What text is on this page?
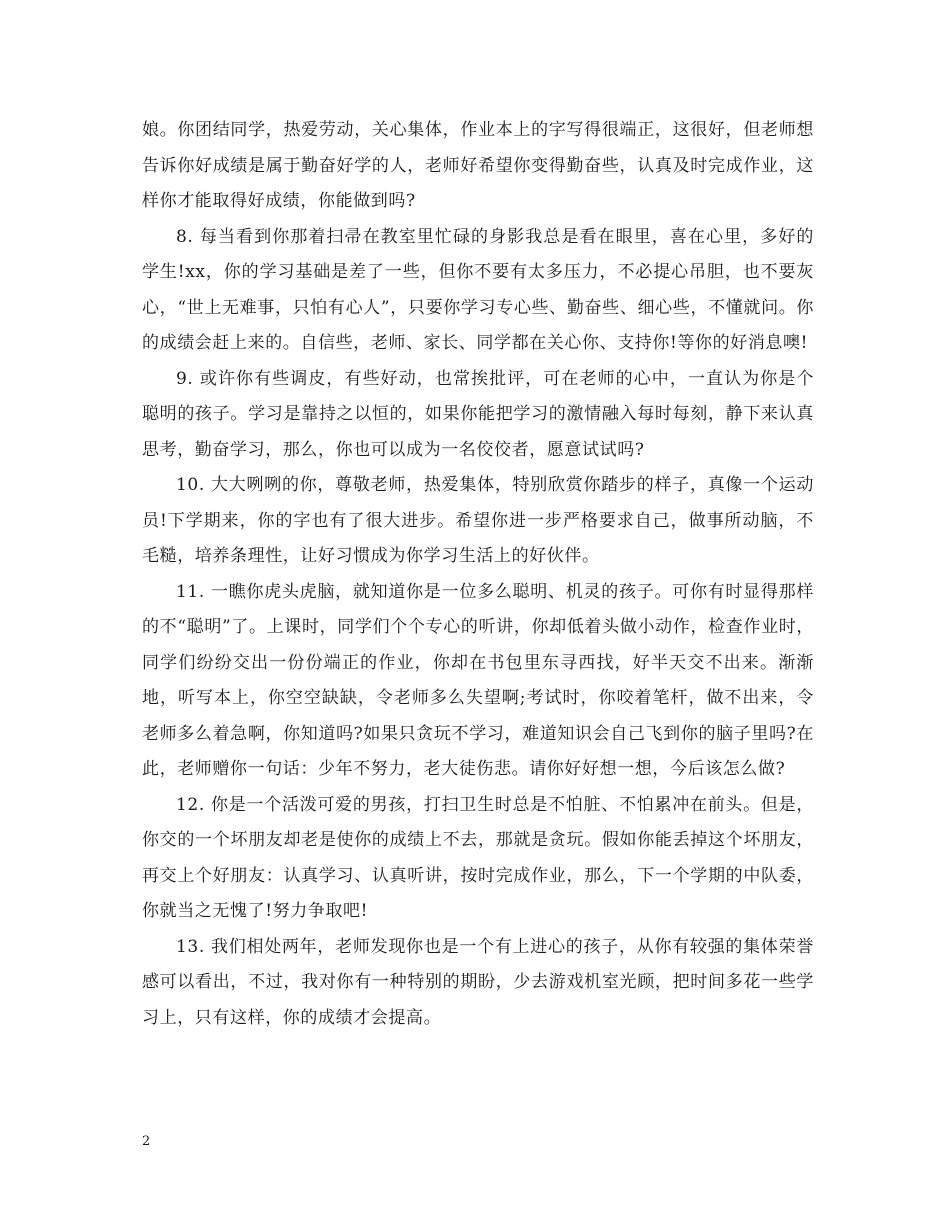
娘。你团结同学，热爱劳动，关心集体，作业本上的字写得很端正，这很好，但老师想告诉你好成绩是属于勤奋好学的人，老师好希望你变得勤奋些，认真及时完成作业，这样你才能取得好成绩，你能做到吗?

8. 每当看到你那着扫帚在教室里忙碌的身影我总是看在眼里，喜在心里，多好的学生!xx，你的学习基础是差了一些，但你不要有太多压力，不必提心吊胆，也不要灰心，“世上无难事，只怕有心人”，只要你学习专心些、勤奋些、细心些，不懂就问。你的成绩会赶上来的。自信些，老师、家长、同学都在关心你、支持你!等你的好消息噢!

9. 或许你有些调皮，有些好动，也常挨批评，可在老师的心中，一直认为你是个聪明的孩子。学习是靠持之以恒的，如果你能把学习的激情融入每时每刻，静下来认真思考，勤奋学习，那么，你也可以成为一名佼佼者，愿意试试吗?

10. 大大咧咧的你，尊敬老师，热爱集体，特别欣赏你踏步的样子，真像一个运动员!下学期来，你的字也有了很大进步。希望你进一步严格要求自己，做事所动脑，不毛糙，培养条理性，让好习惯成为你学习生活上的好伙伴。

11. 一瞧你虎头虎脑，就知道你是一位多么聪明、机灵的孩子。可你有时显得那样的不“聪明”了。上课时，同学们个个专心的听讲，你却低着头做小动作，检查作业时，同学们纷纷交出一份份端正的作业，你却在书包里东寻西找，好半天交不出来。渐渐地，听写本上，你空空缺缺，令老师多么失望啊;考试时，你咬着笔杆，做不出来，令老师多么着急啊，你知道吗?如果只贪玩不学习，难道知识会自己飞到你的脑子里吗?在此，老师赠你一句话：少年不努力，老大徒伤悲。请你好好想一想，今后该怎么做?

12. 你是一个活泼可爱的男孩，打扫卫生时总是不怕脏、不怕累冲在前头。但是，你交的一个坏朋友却老是使你的成绩上不去，那就是贪玩。假如你能丢掉这个坏朋友，再交上个好朋友：认真学习、认真听讲，按时完成作业，那么，下一个学期的中队委，你就当之无愧了!努力争取吧!

13. 我们相处两年，老师发现你也是一个有上进心的孩子，从你有较强的集体荣誉感可以看出，不过，我对你有一种特别的期盼，少去游戏机室光顾，把时间多花一些学习上，只有这样，你的成绩才会提高。

2
